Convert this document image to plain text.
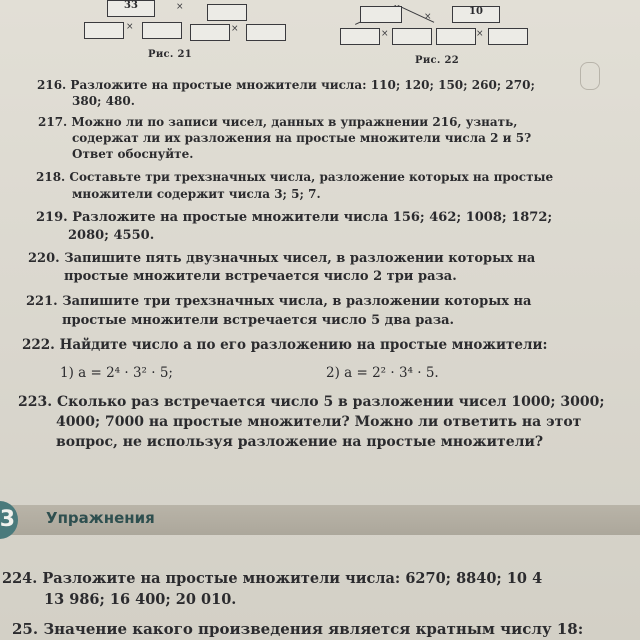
33
×
×
×
Рис. 21
×	10
×	×
Рис. 22
216. Разложите на простые множители числа: 110; 120; 150; 260; 270;
380; 480.
217. Можно ли по записи чисел, данных в упражнении 216, узнать,
содержат ли их разложения на простые множители числа 2 и 5?
Ответ обоснуйте.
218. Составьте три трехзначных числа, разложение которых на простые
множители содержит числа 3; 5; 7.
219. Разложите на простые множители числа 156; 462; 1008; 1872;
2080; 4550.
220. Запишите пять двузначных чисел, в разложении которых на
простые множители встречается число 2 три раза.
221. Запишите три трехзначных числа, в разложении которых на
простые множители встречается число 5 два раза.
222. Найдите число a по его разложению на простые множители:
1) a = 2⁴ · 3² · 5;	2) a = 2² · 3⁴ · 5.
223. Сколько раз встречается число 5 в разложении чисел 1000; 3000;
4000; 7000 на простые множители? Можно ли ответить на этот
вопрос, не используя разложение на простые множители?
3 Упражнения
224. Разложите на простые множители числа: 6270; 8840; 10 4
13 986; 16 400; 20 010.
25. Значение какого произведения является кратным числу 18:
